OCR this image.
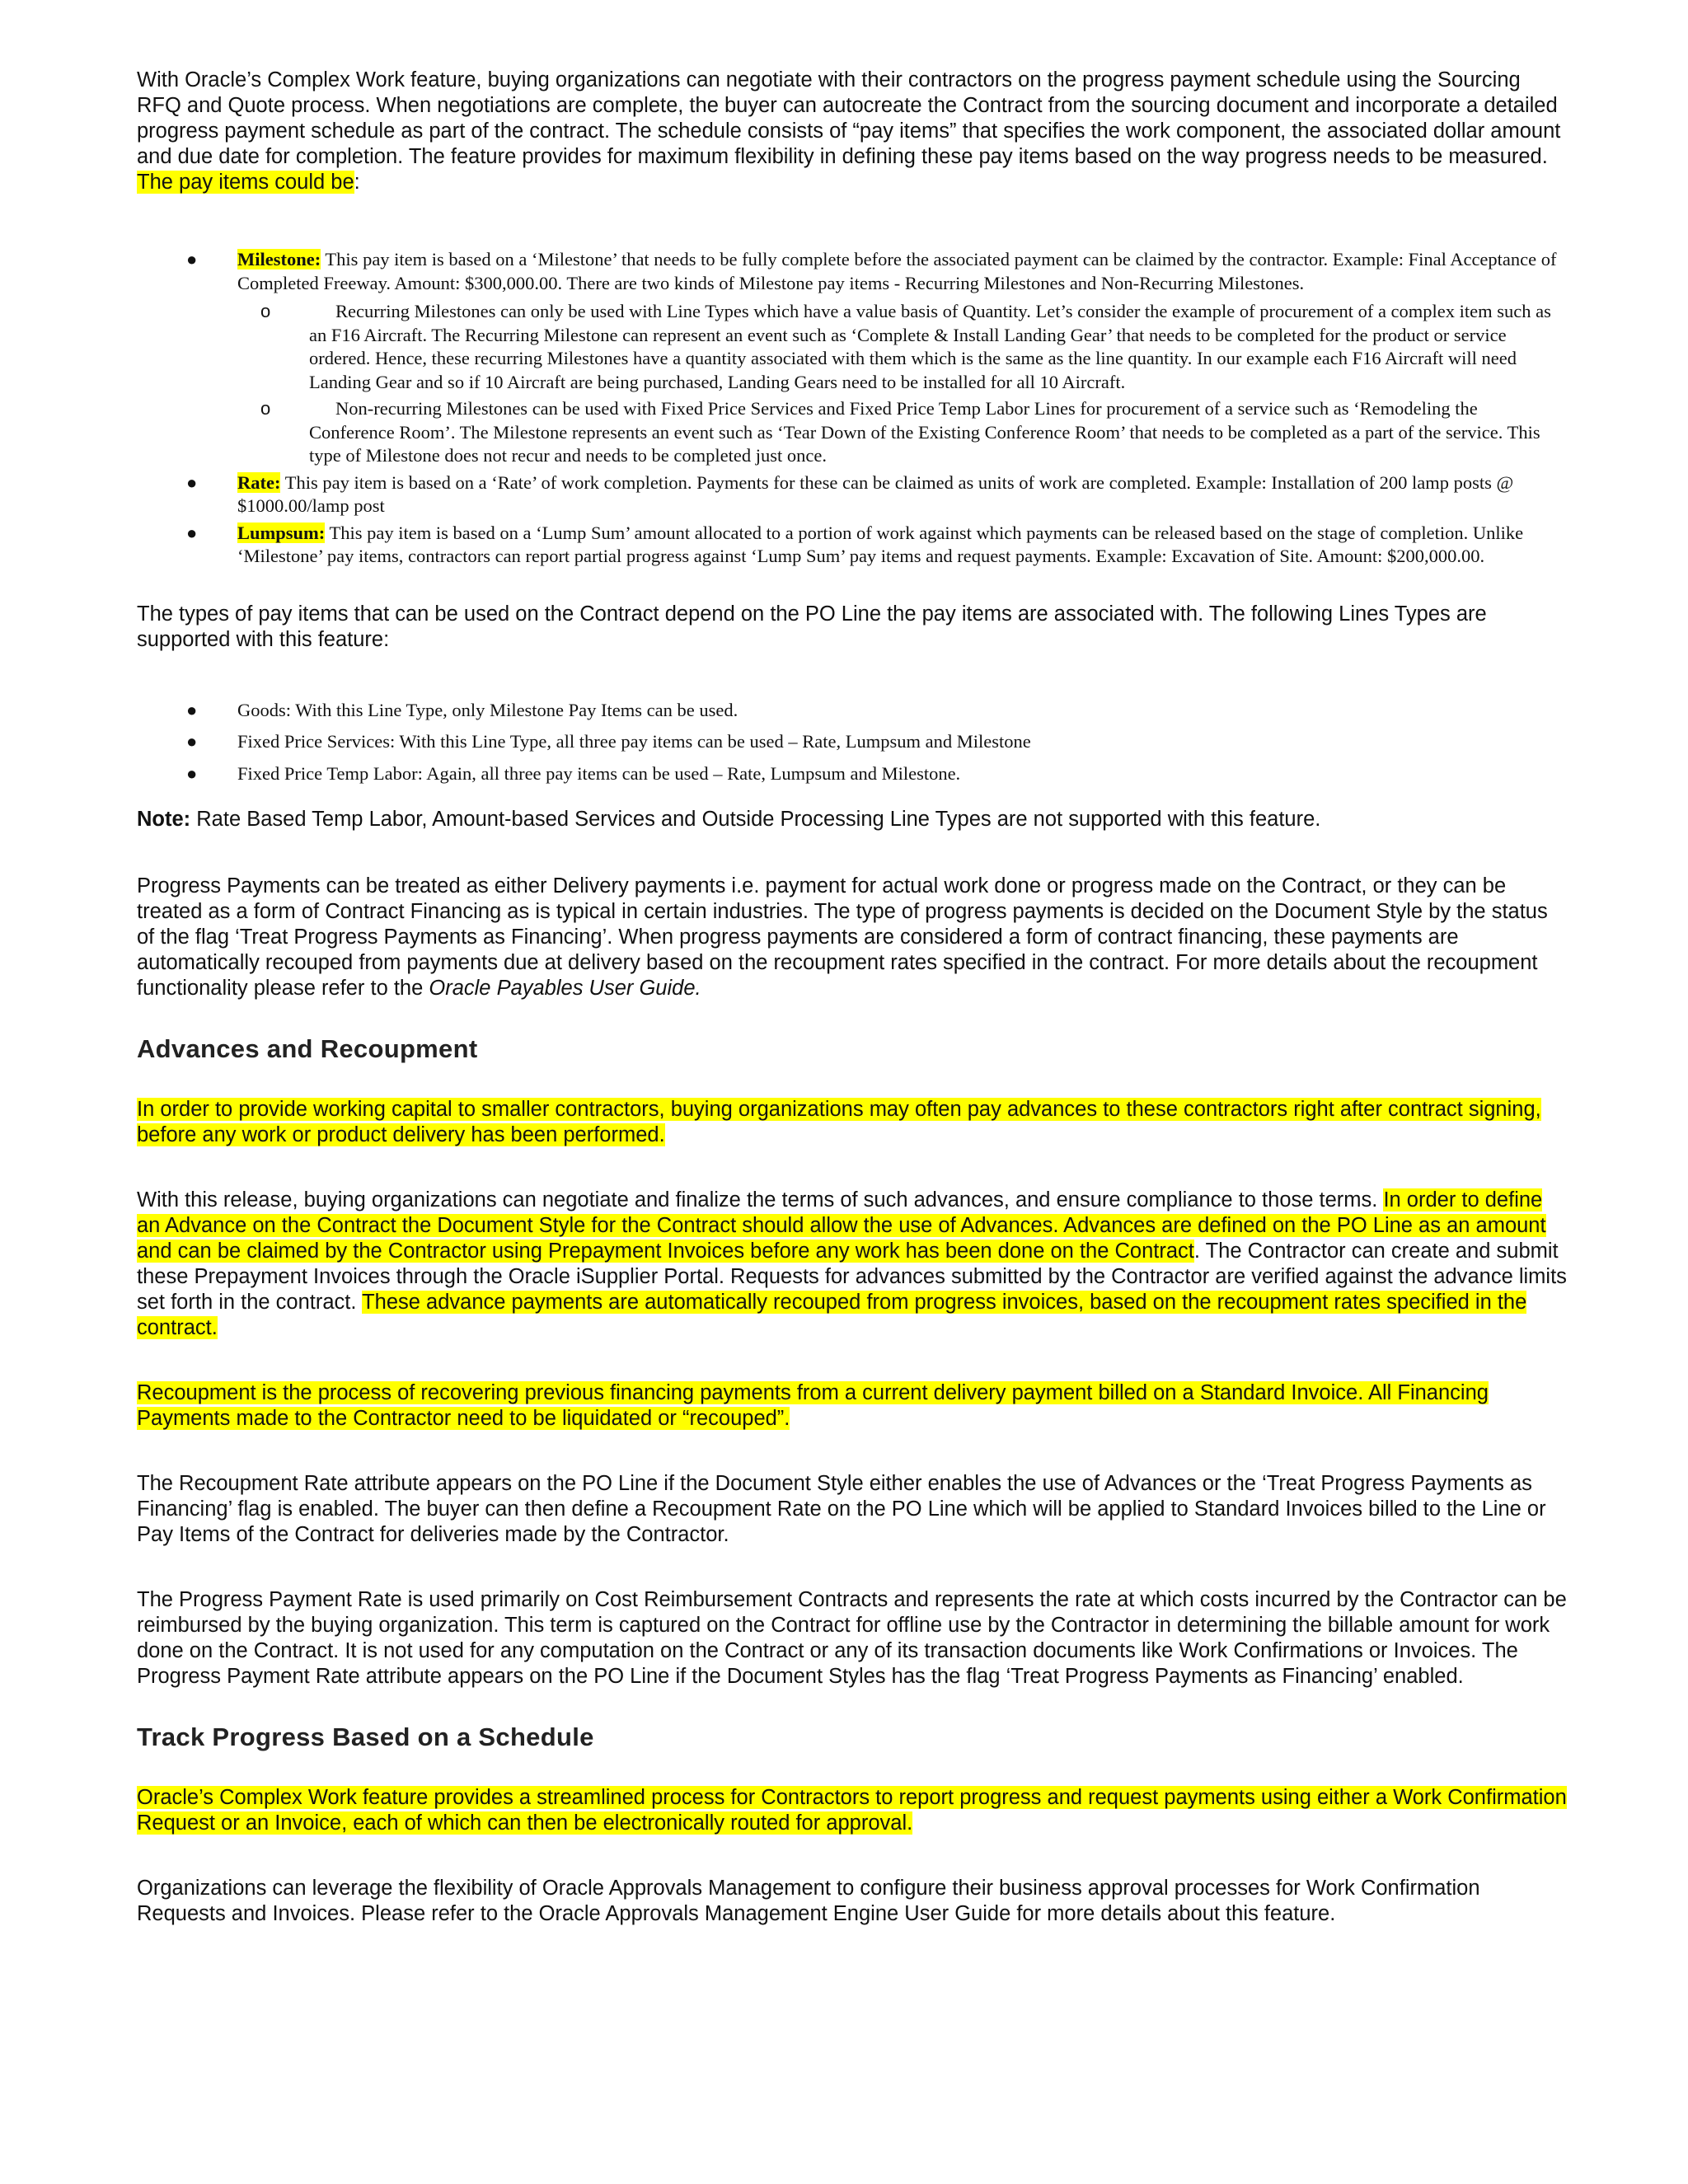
With Oracle’s Complex Work feature, buying organizations can negotiate with their contractors on the progress payment schedule using the Sourcing RFQ and Quote process. When negotiations are complete, the buyer can autocreate the Contract from the sourcing document and incorporate a detailed progress payment schedule as part of the contract. The schedule consists of “pay items” that specifies the work component, the associated dollar amount and due date for completion. The feature provides for maximum flexibility in defining these pay items based on the way progress needs to be measured. The pay items could be:

● Milestone: This pay item is based on a ‘Milestone’ that needs to be fully complete before the associated payment can be claimed by the contractor. Example: Final Acceptance of Completed Freeway. Amount: $300,000.00. There are two kinds of Milestone pay items - Recurring Milestones and Non-Recurring Milestones.
o	Recurring Milestones can only be used with Line Types which have a value basis of Quantity. Let’s consider the example of procurement of a complex item such as an F16 Aircraft. The Recurring Milestone can represent an event such as ‘Complete & Install Landing Gear’ that needs to be completed for the product or service ordered. Hence, these recurring Milestones have a quantity associated with them which is the same as the line quantity. In our example each F16 Aircraft will need Landing Gear and so if 10 Aircraft are being purchased, Landing Gears need to be installed for all 10 Aircraft.
o	Non-recurring Milestones can be used with Fixed Price Services and Fixed Price Temp Labor Lines for procurement of a service such as ‘Remodeling the Conference Room’. The Milestone represents an event such as ‘Tear Down of the Existing Conference Room’ that needs to be completed as a part of the service. This type of Milestone does not recur and needs to be completed just once.
● Rate: This pay item is based on a ‘Rate’ of work completion. Payments for these can be claimed as units of work are completed. Example: Installation of 200 lamp posts @ $1000.00/lamp post
● Lumpsum: This pay item is based on a ‘Lump Sum’ amount allocated to a portion of work against which payments can be released based on the stage of completion. Unlike ‘Milestone’ pay items, contractors can report partial progress against ‘Lump Sum’ pay items and request payments. Example: Excavation of Site. Amount: $200,000.00.

The types of pay items that can be used on the Contract depend on the PO Line the pay items are associated with. The following Lines Types are supported with this feature:

● Goods: With this Line Type, only Milestone Pay Items can be used.
● Fixed Price Services: With this Line Type, all three pay items can be used – Rate, Lumpsum and Milestone
● Fixed Price Temp Labor: Again, all three pay items can be used – Rate, Lumpsum and Milestone.

Note: Rate Based Temp Labor, Amount-based Services and Outside Processing Line Types are not supported with this feature.

Progress Payments can be treated as either Delivery payments i.e. payment for actual work done or progress made on the Contract, or they can be treated as a form of Contract Financing as is typical in certain industries. The type of progress payments is decided on the Document Style by the status of the flag ‘Treat Progress Payments as Financing’. When progress payments are considered a form of contract financing, these payments are automatically recouped from payments due at delivery based on the recoupment rates specified in the contract. For more details about the recoupment functionality please refer to the Oracle Payables User Guide.

Advances and Recoupment

In order to provide working capital to smaller contractors, buying organizations may often pay advances to these contractors right after contract signing, before any work or product delivery has been performed.

With this release, buying organizations can negotiate and finalize the terms of such advances, and ensure compliance to those terms. In order to define an Advance on the Contract the Document Style for the Contract should allow the use of Advances. Advances are defined on the PO Line as an amount and can be claimed by the Contractor using Prepayment Invoices before any work has been done on the Contract. The Contractor can create and submit these Prepayment Invoices through the Oracle iSupplier Portal. Requests for advances submitted by the Contractor are verified against the advance limits set forth in the contract. These advance payments are automatically recouped from progress invoices, based on the recoupment rates specified in the contract.

Recoupment is the process of recovering previous financing payments from a current delivery payment billed on a Standard Invoice. All Financing Payments made to the Contractor need to be liquidated or “recouped”.

The Recoupment Rate attribute appears on the PO Line if the Document Style either enables the use of Advances or the ‘Treat Progress Payments as Financing’ flag is enabled. The buyer can then define a Recoupment Rate on the PO Line which will be applied to Standard Invoices billed to the Line or Pay Items of the Contract for deliveries made by the Contractor.

The Progress Payment Rate is used primarily on Cost Reimbursement Contracts and represents the rate at which costs incurred by the Contractor can be reimbursed by the buying organization. This term is captured on the Contract for offline use by the Contractor in determining the billable amount for work done on the Contract. It is not used for any computation on the Contract or any of its transaction documents like Work Confirmations or Invoices. The Progress Payment Rate attribute appears on the PO Line if the Document Styles has the flag ‘Treat Progress Payments as Financing’ enabled.

Track Progress Based on a Schedule

Oracle’s Complex Work feature provides a streamlined process for Contractors to report progress and request payments using either a Work Confirmation Request or an Invoice, each of which can then be electronically routed for approval.

Organizations can leverage the flexibility of Oracle Approvals Management to configure their business approval processes for Work Confirmation Requests and Invoices. Please refer to the Oracle Approvals Management Engine User Guide for more details about this feature.
